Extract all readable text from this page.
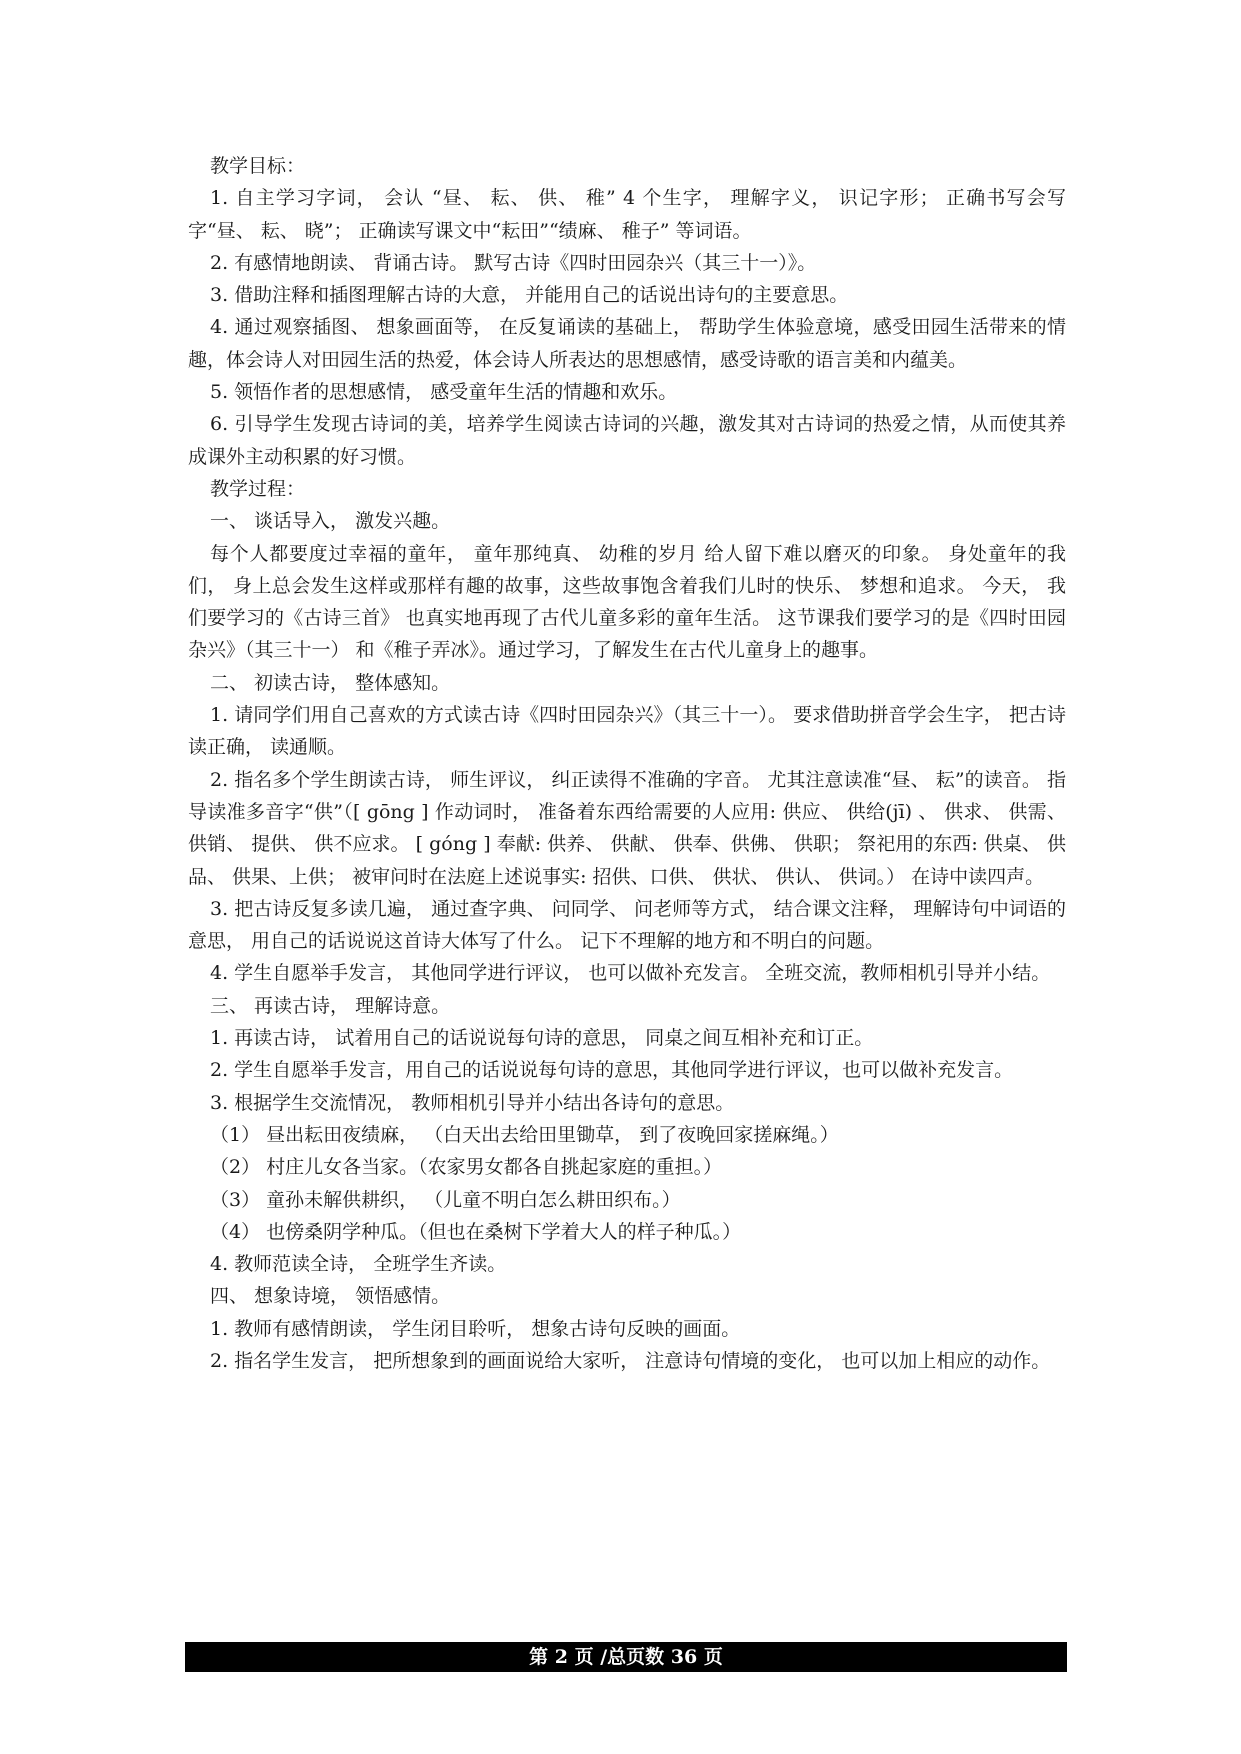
教学目标：

1. 自主学习字词， 会认 “昼、 耘、 供、 稚” 4 个生字， 理解字义， 识记字形； 正确书写会写字“昼、 耘、 晓”； 正确读写课文中“耘田”“绩麻、 稚子” 等词语。

2. 有感情地朗读、 背诵古诗。 默写古诗《四时田园杂兴（其三十一）》。

3. 借助注释和插图理解古诗的大意， 并能用自己的话说出诗句的主要意思。

4. 通过观察插图、 想象画面等， 在反复诵读的基础上， 帮助学生体验意境，感受田园生活带来的情趣，体会诗人对田园生活的热爱，体会诗人所表达的思想感情，感受诗歌的语言美和内蕴美。

5. 领悟作者的思想感情， 感受童年生活的情趣和欢乐。

6. 引导学生发现古诗词的美，培养学生阅读古诗词的兴趣，激发其对古诗词的热爱之情，从而使其养成课外主动积累的好习惯。

教学过程：

一、 谈话导入， 激发兴趣。

每个人都要度过幸福的童年， 童年那纯真、 幼稚的岁月 给人留下难以磨灭的印象。 身处童年的我们， 身上总会发生这样或那样有趣的故事，这些故事饱含着我们儿时的快乐、 梦想和追求。 今天， 我们要学习的《古诗三首》 也真实地再现了古代儿童多彩的童年生活。 这节课我们要学习的是《四时田园杂兴》（其三十一） 和《稚子弄冰》。通过学习，了解发生在古代儿童身上的趣事。

二、 初读古诗， 整体感知。

1. 请同学们用自己喜欢的方式读古诗《四时田园杂兴》（其三十一）。 要求借助拼音学会生字， 把古诗读正确， 读通顺。

2. 指名多个学生朗读古诗， 师生评议， 纠正读得不准确的字音。 尤其注意读准“昼、 耘”的读音。 指导读准多音字“供”（[ gōng ] 作动词时， 准备着东西给需要的人应用: 供应、 供给(jī) 、 供求、 供需、 供销、 提供、 供不应求。 [ góng ] 奉献: 供养、 供献、 供奉、供佛、 供职； 祭祀用的东西: 供桌、 供品、 供果、上供； 被审问时在法庭上述说事实: 招供、口供、 供状、 供认、 供词。） 在诗中读四声。

3. 把古诗反复多读几遍， 通过查字典、 问同学、 问老师等方式， 结合课文注释， 理解诗句中词语的意思， 用自己的话说说这首诗大体写了什么。 记下不理解的地方和不明白的问题。

4. 学生自愿举手发言， 其他同学进行评议， 也可以做补充发言。 全班交流，教师相机引导并小结。

三、 再读古诗， 理解诗意。

1. 再读古诗， 试着用自己的话说说每句诗的意思， 同桌之间互相补充和订正。

2. 学生自愿举手发言，用自己的话说说每句诗的意思，其他同学进行评议，也可以做补充发言。

3. 根据学生交流情况， 教师相机引导并小结出各诗句的意思。

（1） 昼出耘田夜绩麻， （白天出去给田里锄草， 到了夜晚回家搓麻绳。）

（2） 村庄儿女各当家。（农家男女都各自挑起家庭的重担。）

（3） 童孙未解供耕织， （儿童不明白怎么耕田织布。）

（4） 也傍桑阴学种瓜。（但也在桑树下学着大人的样子种瓜。）

4. 教师范读全诗， 全班学生齐读。

四、 想象诗境， 领悟感情。

1. 教师有感情朗读， 学生闭目聆听， 想象古诗句反映的画面。

2. 指名学生发言， 把所想象到的画面说给大家听， 注意诗句情境的变化， 也可以加上相应的动作。

第 2 页 /总页数 36 页
